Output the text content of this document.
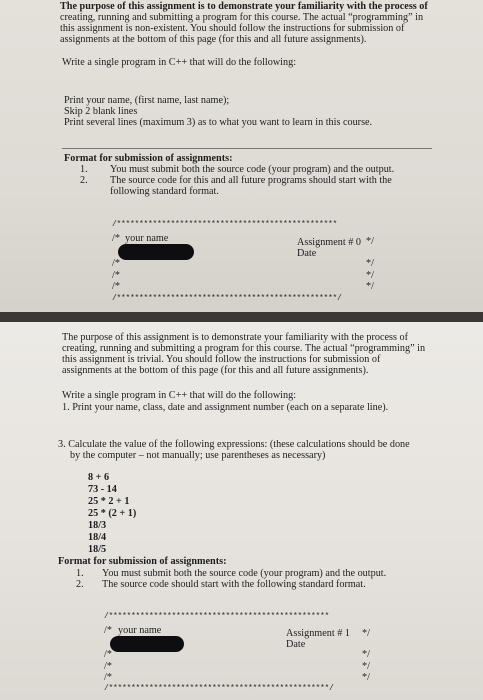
The purpose of this assignment is to demonstrate your familiarity with the process of
creating, running and submitting a program for this course. The actual “programming” in
this assignment is non-existent. You should follow the instructions for submission of
assignments at the bottom of this page (for this and all future assignments).
Write a single program in C++ that will do the following:
Print your name, (first name, last name);
Skip 2 blank lines
Print several lines (maximum 3) as to what you want to learn in this course.
Format for submission of assignments:
1. You must submit both the source code (your program) and the output.
2. The source code for this and all future programs should start with the
following standard format.
/*************************************************
/* your name	Assignment # 0 */
Date
/*	*/
/*	*/
/*	*/
/*************************************************/
The purpose of this assignment is to demonstrate your familiarity with the process of
creating, running and submitting a program for this course. The actual “programming” in
this assignment is trivial. You should follow the instructions for submission of
assignments at the bottom of this page (for this and all future assignments).
Write a single program in C++ that will do the following:
1. Print your name, class, date and assignment number (each on a separate line).
3. Calculate the value of the following expressions: (these calculations should be done
by the computer – not manually; use parentheses as necessary)
8 + 6
73 - 14
25 * 2 + 1
25 * (2 + 1)
18/3
18/4
18/5
Format for submission of assignments:
1. You must submit both the source code (your program) and the output.
2. The source code should start with the following standard format.
/*************************************************
/* your name	Assignment # 1 */
Date
/*	*/
/*	*/
/*	*/
/*************************************************/
